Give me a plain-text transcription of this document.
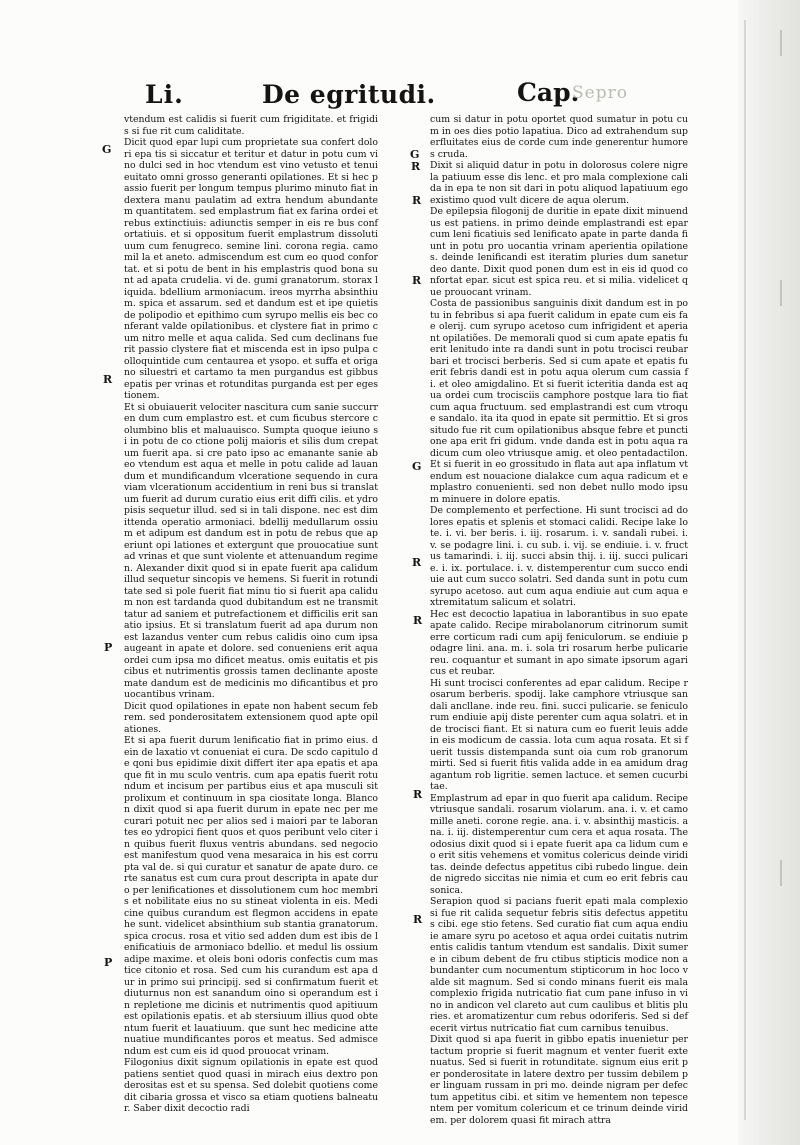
Li.	De egritudi.	Cap.
Sepro
G
R
P
P
G
R
R
R
G
R
R
R
R

vtendum est calidis si fuerit cum frigiditate. et frigidis si fue rit cum caliditate.

Dicit quod epar lupi cum proprietate sua confert dolori epa tis si siccatur et teritur et datur in potu cum vino dulci sed in hoc vtendum est vino vetusto et tenui euitato omni grosso generanti opilationes. Et si hec passio fuerit per longum tempus plurimo minuto fiat in dextera manu paulatim ad extra hendum abundantem quantitatem. sed emplastrum fiat ex farina ordei et rebus extinctiuis: adiunctis semper in eis re bus confortatiuis. et si oppositum fuerit emplastrum dissolutiuum cum fenugreco. semine lini. corona regia. camomil la et aneto. admiscendum est cum eo quod confortat. et si potu de bent in his emplastris quod bona sunt ad apata crudelia. vi de. gumi granatorum. storax liquida. bdellium armoniacum. ireos myrrha absinthium. spica et assarum. sed et dandum est et ipe quietis de polipodio et epithimo cum syrupo mellis eis bec conferant valde opilationibus. et clystere fiat in primo cum nitro melle et aqua calida. Sed cum declinans fuerit passio clystere fiat et miscenda est in ipso pulpa colloquintide cum centaurea et ysopo. et suffa et origano siluestri et cartamo ta men purgandus est gibbus epatis per vrinas et rotunditas purganda est per egestionem.

Et si obuiauerit velociter nascitura cum sanie succurren dum cum emplastro est. et cum ficubus stercore columbino blis et maluauisco. Sumpta quoque ieiuno si in potu de co ctione polij maioris et silis dum crepatum fuerit apa. si cre pato ipso ac emanante sanie ab eo vtendum est aqua et melle in potu calide ad lauandum et mundificandum vlceratione sequendo in cura viam vlcerationum accidentium in reni bus si translatum fuerit ad durum curatio eius erit diffi cilis. et ydropisis sequetur illud. sed si in tali dispone. nec est dimittenda operatio armoniaci. bdellij medullarum ossium et adipum est dandum est in potu de rebus que aperiunt opi lationes et extergunt que prouocatiue sunt ad vrinas et que sunt violente et attenuandum regimen. Alexander dixit quod si in epate fuerit apa calidum illud sequetur sincopis ve hemens. Si fuerit in rotunditate sed si pole fuerit fiat minu tio si fuerit apa calidum non est tardanda quod dubitandum est ne transmittatur ad saniem et putrefactionem et difficilis erit sanatio ipsius. Et si translatum fuerit ad apa durum non est lazandus venter cum rebus calidis oino cum ipsa augeant in apate et dolore. sed conueniens erit aqua ordei cum ipsa mo dificet meatus. omis euitatis et piscibus et nutrimentis grossis tamen declinante apostemate dandum est de medicinis mo dificantibus et prouocantibus vrinam.

Dicit quod opilationes in epate non habent secum febrem. sed ponderositatem extensionem quod apte opilationes.

Et si apa fuerit durum lenificatio fiat in primo eius. dein de laxatio vt conueniat ei cura. De scdo capitulo de qoni bus epidimie dixit differt iter apa epatis et apa que fit in mu sculo ventris. cum apa epatis fuerit rotundum et incisum per partibus eius et apa musculi sit prolixum et continuum in spa ciositate longa. Blancon dixit quod si apa fuerit durum in epate nec per me curari potuit nec per alios sed i maiori par te laborantes eo ydropici fient quos et quos peribunt velo citer in quibus fuerit fluxus ventris abundans. sed negocio est manifestum quod vena mesaraica in his est corrupta val de. si qui curatur et sanatur de apate duro. certe sanatus est cum cura prout descripta in apate duro per lenificationes et dissolutionem cum hoc membris et nobilitate eius no su stineat violenta in eis. Medicine quibus curandum est flegmon accidens in epate he sunt. videlicet absinthium sub stantia granatorum. spica crocus. rosa et vitio sed adden dum est ibis de lenificatiuis de armoniaco bdellio. et medul lis ossium adipe maxime. et oleis boni odoris confectis cum mastice citonio et rosa. Sed cum his curandum est apa dur in primo sui principij. sed si confirmatum fuerit et diuturnus non est sanandum oino si operandum est in repletione me dicinis et nutrimentis quod apitiuum est opilationis epatis. et ab stersiuum illius quod obtentum fuerit et lauatiuum. que sunt hec medicine attenuatiue mundificantes poros et meatus. Sed admiscendum est cum eis id quod prouocat vrinam.

Filogonius dixit signum opilationis in epate est quod patiens sentiet quod quasi in mirach eius dextro ponderositas est et su spensa. Sed dolebit quotiens comedit cibaria grossa et visco sa etiam quotiens balneatur. Saber dixit decoctio radi

cum si datur in potu oportet quod sumatur in potu cum in oes dies potio lapatiua. Dico ad extrahendum superfluitates eius de corde cum inde generentur humores cruda.

Dixit si aliquid datur in potu in dolorosus colere nigre la patiuum esse dis lenc. et pro mala complexione calida in epa te non sit dari in potu aliquod lapatiuum ego existimo quod vult dicere de aqua olerum.

De epilepsia filogonij de duritie in epate dixit minuendus est patiens. in primo deinde emplastrandi est epar cum leni ficatiuis sed lenificato apate in parte danda fiunt in potu pro uocantia vrinam aperientia opilationes. deinde lenificandi est iteratim pluries dum sanetur deo dante. Dixit quod ponen dum est in eis id quod confortat epar. sicut est spica reu. et si milia. videlicet que prouocant vrinam.

Costa de passionibus sanguinis dixit dandum est in potu in febribus si apa fuerit calidum in epate cum eis fae olerij. cum syrupo acetoso cum infrigident et aperiant opilatiões. De memorali quod si cum apate epatis fuerit lenitudo inte ra dandi sunt in potu trocisci reubarbari et trocisci berberis. Sed si cum apate et epatis fuerit febris dandi est in potu aqua olerum cum cassia fi. et oleo amigdalino. Et si fuerit icteritia danda est aqua ordei cum trocisciis camphore postque lara tio fiat cum aqua fructuum. sed emplastrandi est cum vtroque sandalo. ita ita quod in epate sit permittio. Et si grossitudo fue rit cum opilationibus absque febre et punctione apa erit fri gidum. vnde danda est in potu aqua radicum cum oleo vtriusque amig. et oleo pentadactilon. Et si fuerit in eo grossitudo in flata aut apa inflatum vtendum est nouacione dialakce cum aqua radicum et emplastro conuenienti. sed non debet nullo modo ipsum minuere in dolore epatis.

De complemento et perfectione. Hi sunt trocisci ad do lores epatis et splenis et stomaci calidi. Recipe lake lote. i. vi. ber beris. i. iij. rosarum. i. v. sandali rubei. i. v. se podagre lini. i. cu sub. i. vij. se endiuie. i. v. fructus tamarindi. i. iij. succi absin thij. i. iij. succi pulicarie. i. ix. portulace. i. v. distemperentur cum succo endiuie aut cum succo solatri. Sed danda sunt in potu cum syrupo acetoso. aut cum aqua endiuie aut cum aqua extremitatum salicum et solatri.

Hec est decoctio lapatiua in laborantibus in suo epate apate calido. Recipe mirabolanorum citrinorum sumiterre corticum radi cum apij feniculorum. se endiuie podagre lini. ana. m. i. sola tri rosarum herbe pulicarie reu. coquantur et sumant in apo simate ipsorum agaricus et reubar.

Hi sunt trocisci conferentes ad epar calidum. Recipe rosarum berberis. spodij. lake camphore vtriusque sandali ancllane. inde reu. fini. succi pulicarie. se feniculorum endiuie apij diste perenter cum aqua solatri. et inde trocisci fiant. Et si natura cum eo fuerit leuis adde in eis modicum de cassia. lota cum aqua rosata. Et si fuerit tussis distempanda sunt oia cum rob granorum mirti. Sed si fuerit fitis valida adde in ea amidum dragagantum rob ligritie. semen lactuce. et semen cucurbitae.

Emplastrum ad epar in quo fuerit apa calidum. Recipe vtriusque sandali. rosarum violarum. ana. i. v. et camomille aneti. corone regie. ana. i. v. absinthij masticis. ana. i. iij. distemperentur cum cera et aqua rosata. Theodosius dixit quod si i epate fuerit apa ca lidum cum eo erit sitis vehemens et vomitus colericus deinde viriditas. deinde defectus appetitus cibi rubedo lingue. deinde nigredo siccitas nie nimia et cum eo erit febris causonica.

Serapion quod si pacians fuerit epati mala complexio si fue rit calida sequetur febris sitis defectus appetitus cibi. ege stio fetens. Sed curatio fiat cum aqua endiuie amare syru po acetoso et aqua ordei cuitatis nutrimentis calidis tantum vtendum est sandalis. Dixit sumere in cibum debent de fru ctibus stipticis modice non abundanter cum nocumentum stipticorum in hoc loco valde sit magnum. Sed si condo minans fuerit eis mala complexio frigida nutricatio fiat cum pane infuso in vino in andicon vel clareto aut cum caulibus et blitis pluries. et aromatizentur cum rebus odoriferis. Sed si defecerit virtus nutricatio fiat cum carnibus tenuibus.

Dixit quod si apa fuerit in gibbo epatis inuenietur per tactum proprie si fuerit magnum et venter fuerit extenuatus. Sed si fuerit in rotunditate. signum eius erit per ponderositate in latere dextro per tussim debilem per linguam russam in pri mo. deinde nigram per defectum appetitus cibi. et sitim ve hementem non tepescentem per vomitum colericum et ce trinum deinde viridem. per dolorem quasi fit mirach attra
